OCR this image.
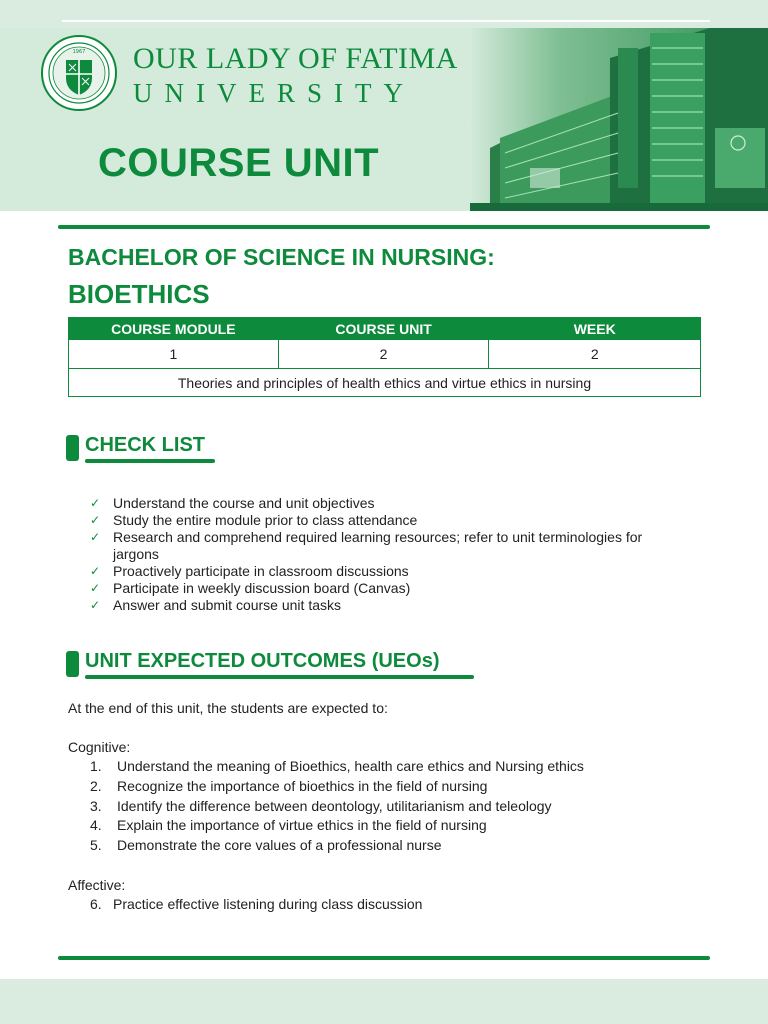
1967 OUR LADY OF FATIMA
UNIVERSITY
COURSE UNIT
BACHELOR OF SCIENCE IN NURSING:
BIOETHICS
COURSE MODULE	COURSE UNIT	WEEK
1	2	2
Theories and principles of health ethics and virtue ethics in nursing		
CHECK LIST
✓ Understand the course and unit objectives
✓ Study the entire module prior to class attendance
✓ Research and comprehend required learning resources; refer to unit terminologies for jargons
✓ Proactively participate in classroom discussions
✓ Participate in weekly discussion board (Canvas)
✓ Answer and submit course unit tasks
UNIT EXPECTED OUTCOMES (UEOs)
At the end of this unit, the students are expected to:
Cognitive:
1. Understand the meaning of Bioethics, health care ethics and Nursing ethics
2. Recognize the importance of bioethics in the field of nursing
3. Identify the difference between deontology, utilitarianism and teleology
4. Explain the importance of virtue ethics in the field of nursing
5. Demonstrate the core values of a professional nurse
Affective:
6. Practice effective listening during class discussion
